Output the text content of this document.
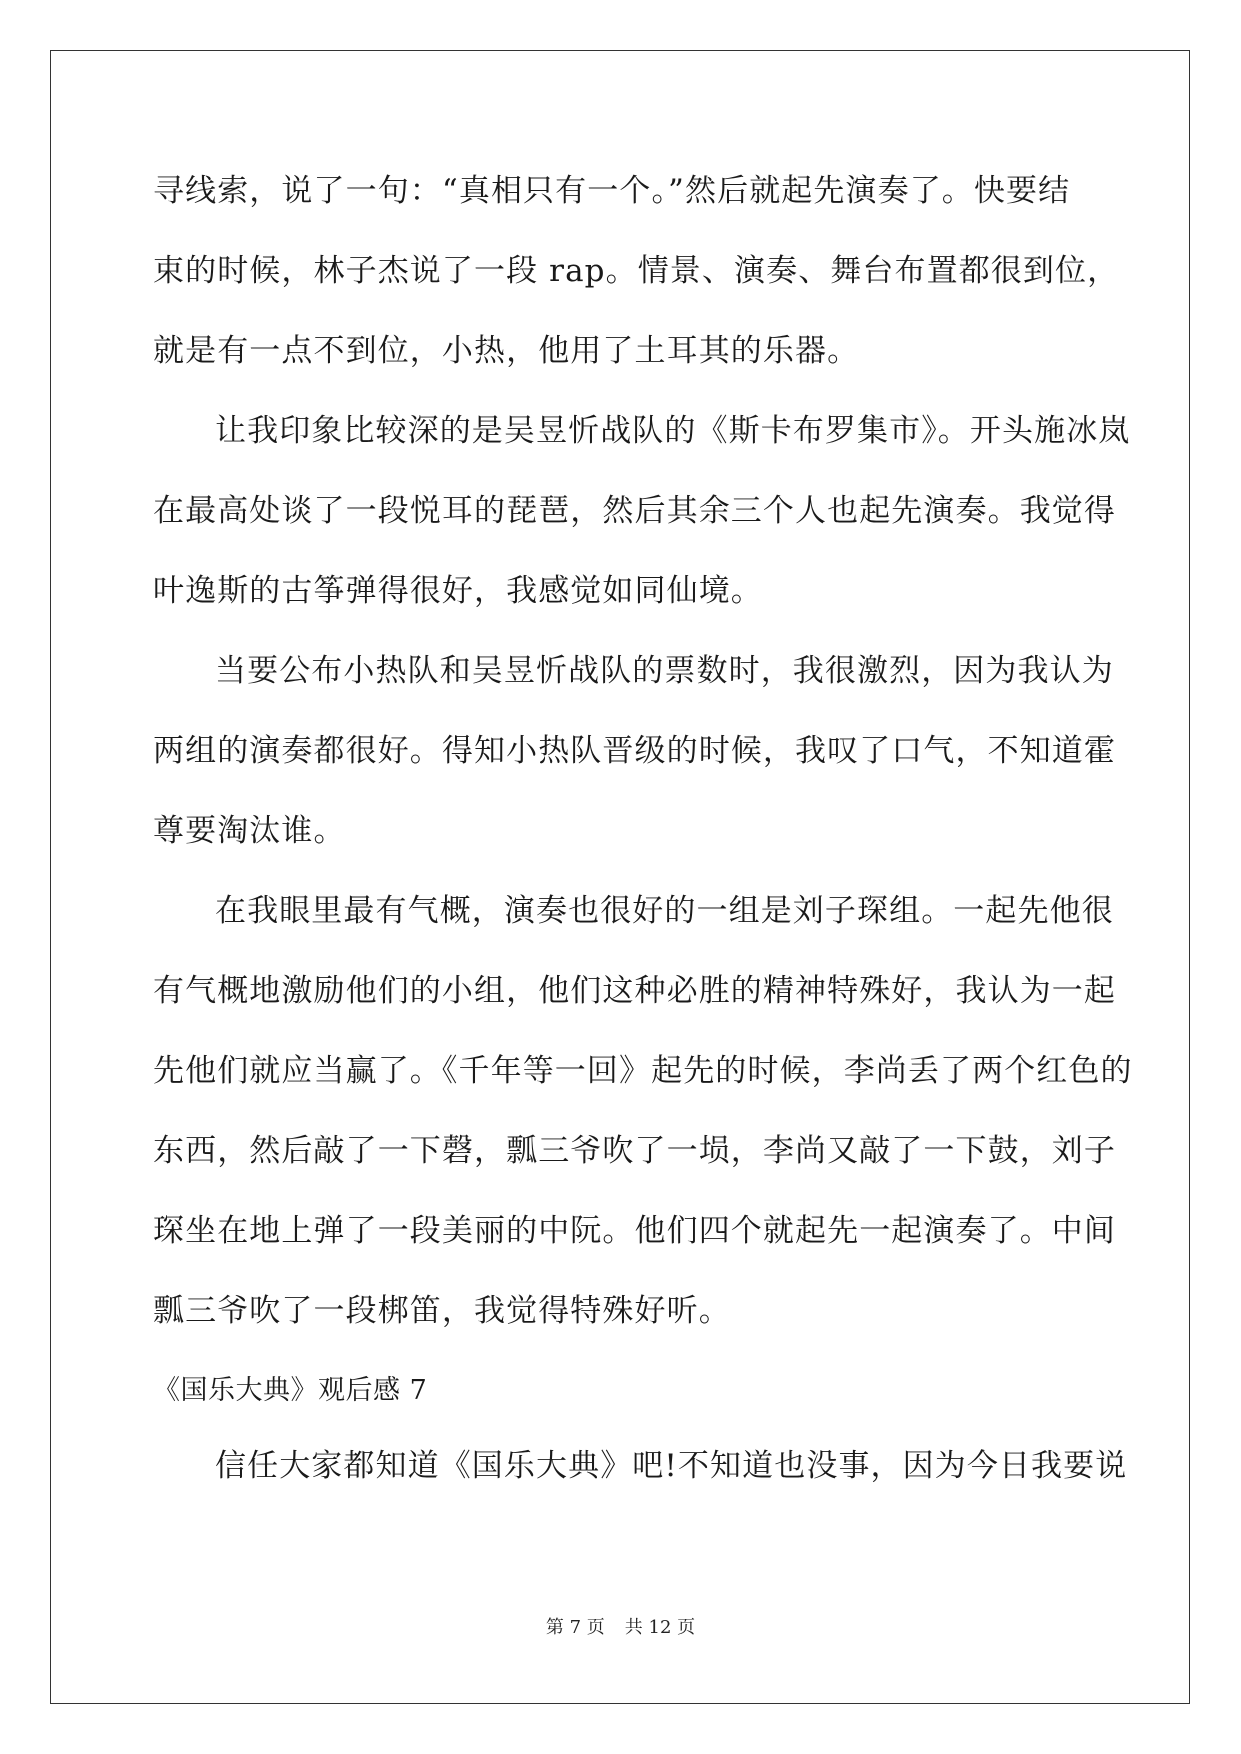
寻线索，说了一句：“真相只有一个。”然后就起先演奏了。快要结
束的时候，林子杰说了一段 rap。情景、演奏、舞台布置都很到位，
就是有一点不到位，小热，他用了土耳其的乐器。
让我印象比较深的是吴昱忻战队的《斯卡布罗集市》。开头施冰岚
在最高处谈了一段悦耳的琵琶，然后其余三个人也起先演奏。我觉得
叶逸斯的古筝弹得很好，我感觉如同仙境。
当要公布小热队和吴昱忻战队的票数时，我很激烈，因为我认为
两组的演奏都很好。得知小热队晋级的时候，我叹了口气，不知道霍
尊要淘汰谁。
在我眼里最有气概，演奏也很好的一组是刘子琛组。一起先他很
有气概地激励他们的小组，他们这种必胜的精神特殊好，我认为一起
先他们就应当赢了。《千年等一回》起先的时候，李尚丢了两个红色的
东西，然后敲了一下磬，瓢三爷吹了一埙，李尚又敲了一下鼓，刘子
琛坐在地上弹了一段美丽的中阮。他们四个就起先一起演奏了。中间
瓢三爷吹了一段梆笛，我觉得特殊好听。
《国乐大典》观后感 7
信任大家都知道《国乐大典》吧!不知道也没事，因为今日我要说
第 7 页 共 12 页
